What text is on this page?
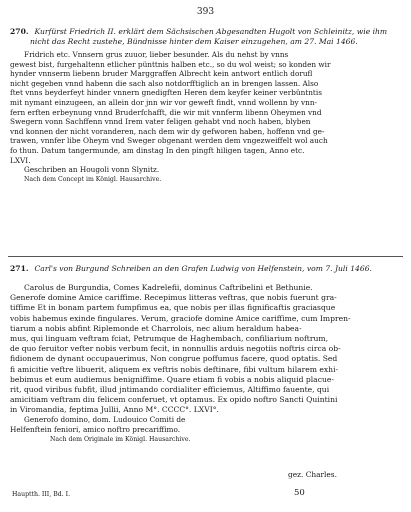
393
270. Kurfürst Friedrich II. erklärt dem Sächsischen Abgesandten Hugolt von Schleinitz, wie ihm
nicht das Recht zustehe, Bündnisse hinter dem Kaiser einzugehen, am 27. Mai 1466.
Fridrich etc. Vnnsern grus zuuor, lieber besunder. Als du nehst by vnns
gewest bist, furgehaltenn etlicher pünttnis halben etc., so du wol weist; so konden wir
hynder vnnserm liebenn bruder Marggraffen Albrecht kein antwort entlich dorufl
nicht gegeben vnnd habenn die sach also notdorfftiglich an in brengen lassen. Also
ftet vnns beyderfeyt hinder vnnern gnedigften Heren dem keyfer keiner verbüntntis
mit nymant einzugeen, an allein dor jnn wir vor geweft findt, vnnd wollenn by vnn-
fern erften erbeynung vnnd Bruderfchafft, die wir mit vnnferm libenn Oheymen vnd
Swegern vonn Sachffenn vnnd Irem vater feligen gehabt vnd noch haben, blyben
vnd konnen der nicht voranderen, nach dem wir dy gefworen haben, hoffenn vnd ge-
trawen, vnnfer libe Oheym vnd Sweger obgenant werden dem vngezweiffelt wol auch
fo thun. Datum tangermunde, am dinstag In den pingft hiligen tagen, Anno etc.
LXVI.
Geschriben an Hougoli vonn Slynitz.
Nach dem Concept im Königl. Hausarchive.
271. Carl's von Burgund Schreiben an den Grafen Ludwig von Helfenstein, vom 7. Juli 1466.
Carolus de Burgundia, Comes Kadrelefii, dominus Caftribelini et Bethunie.
Generofe domine Amice cariffime. Recepimus litteras veftras, que nobis fuerunt gra-
tiffime Et in bonam partem fumpfimus ea, que nobis per illas fignificaftis graciasque
vobis habemus exinde fingulares. Verum, graciofe domine Amice cariffime, cum Impren-
tiarum a nobis abfint Riplemonde et Charrolois, nec alium heraldum habea-
mus, qui linguam veftram fciat, Petrumque de Haghembach, confiliarium noftrum,
de quo feruitor vefter nobis verbum fecit, in nonnullis arduis negotiis noftris circa ob-
fidionem de dynant occupauerimus, Non congrue poffumus facere, quod optatis. Sed
fi amicitie veftre libuerit, aliquem ex veftris nobis deftinare, fibi vultum hilarem exhi-
bebimus et eum audiemus benigniffime. Quare etiam fi vobis a nobis aliquid placue-
rit, quod viribus fubfit, illud jntimando cordialiter efficiemus, Altiffimo fauente, qui
amicitiam veftram diu felicem conferuet, vt optamus. Ex opido noftro Sancti Quintini
in Viromandia, feptima Jullii, Anno M°. CCCC°. LXVI°.
Generofo domino, dom. Ludouico Comiti de
Helfenftein feniori, amico noftro precariffimo.
Nach dem Originale im Königl. Hausarchive.
gez. Charles.
Hauptth. III, Bd. I.	50
